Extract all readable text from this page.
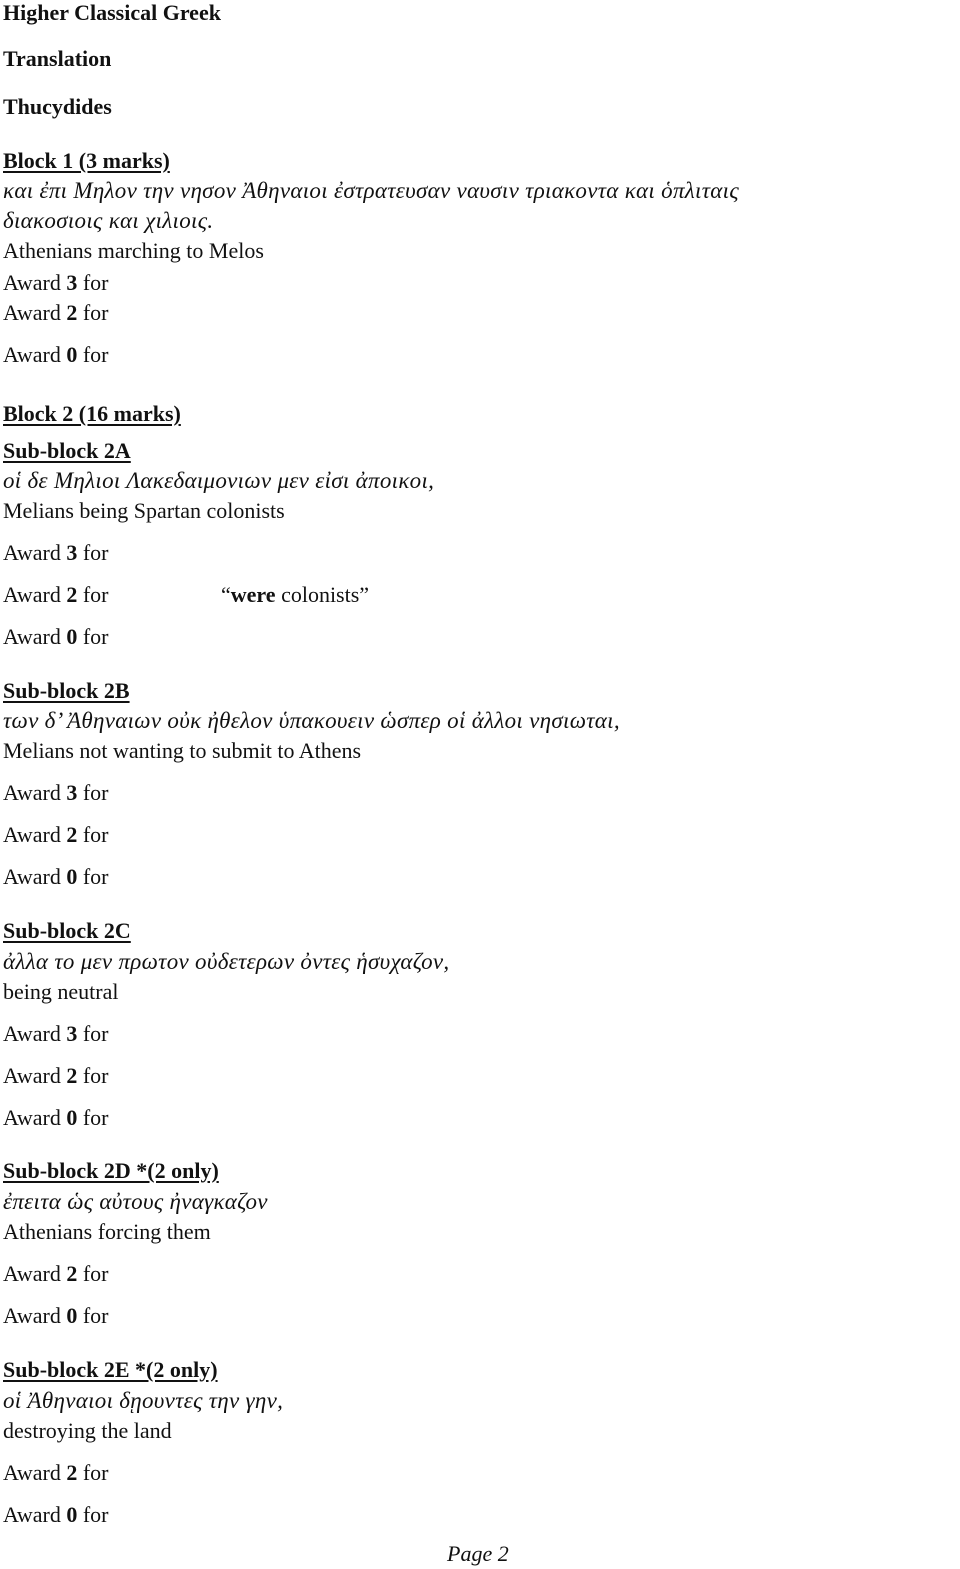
Higher Classical Greek
Translation
Thucydides
Block 1 (3 marks)
και ἐπι Μηλον την νησον Ἀθηναιοι ἐστρατευσαν ναυσιν τριακοντα και ὁπλιταις
διακοσιοις και χιλιοις.
Athenians marching to Melos
Award 3 for
Award 2 for
Award 0 for
Block 2 (16 marks)
Sub-block 2A
οἱ δε Μηλιοι Λακεδαιμονιων μεν εἰσι ἀποικοι,
Melians being Spartan colonists
Award 3 for
Award 2 for	“were colonists”
Award 0 for
Sub-block 2B
των δ’ Ἀθηναιων οὐκ ἠθελον ὑπακουειν ὡσπερ οἱ ἀλλοι νησιωται,
Melians not wanting to submit to Athens
Award 3 for
Award 2 for
Award 0 for
Sub-block 2C
ἀλλα το μεν πρωτον οὐδετερων ὀντες ἡσυχαζον,
being neutral
Award 3 for
Award 2 for
Award 0 for
Sub-block 2D *(2 only)
ἐπειτα ὡς αὐτους ἠναγκαζον
Athenians forcing them
Award 2 for
Award 0 for
Sub-block 2E *(2 only)
οἱ Ἀθηναιοι δῃουντες την γην,
destroying the land
Award 2 for
Award 0 for
Page 2
